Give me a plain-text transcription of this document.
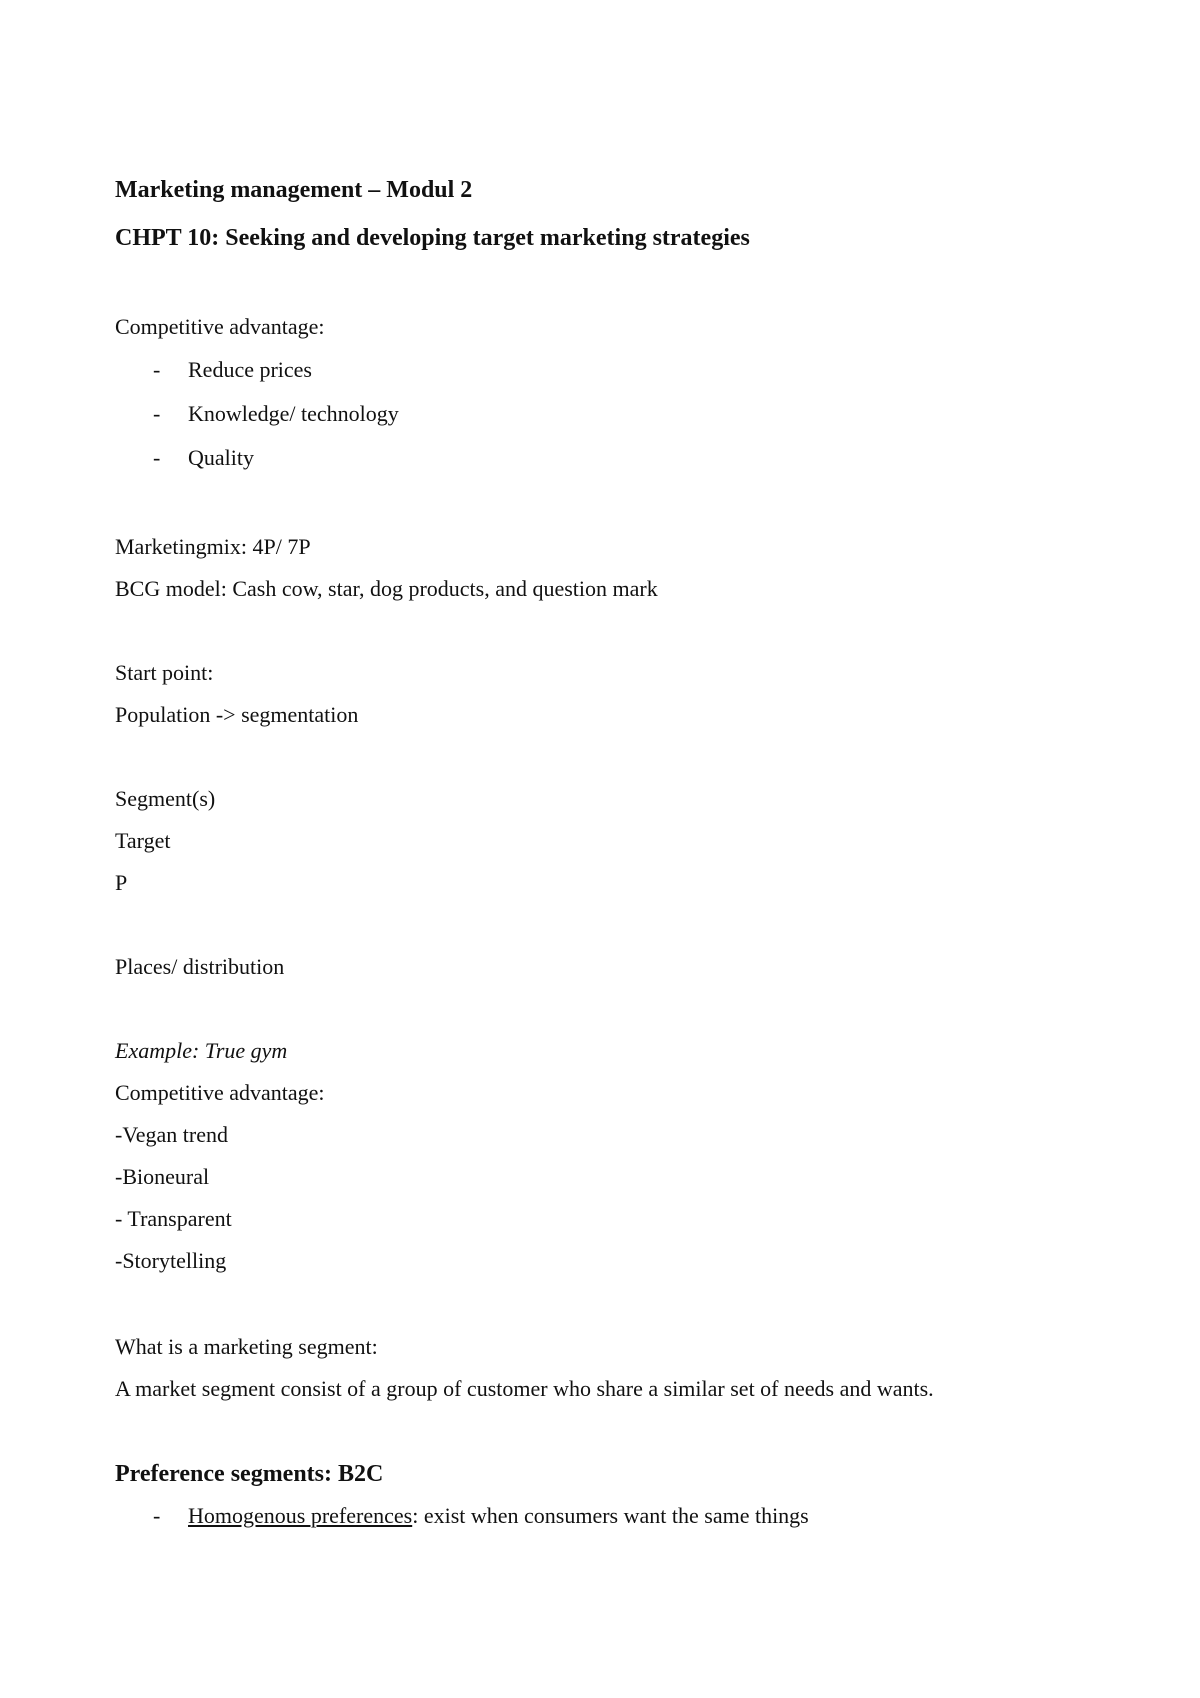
Marketing management – Modul 2
CHPT 10: Seeking and developing target marketing strategies
Competitive advantage:
- Reduce prices
- Knowledge/ technology
- Quality
Marketingmix: 4P/ 7P
BCG model: Cash cow, star, dog products, and question mark
Start point:
Population -> segmentation
Segment(s)
Target
P
Places/ distribution
Example: True gym
Competitive advantage:
-Vegan trend
-Bioneural
- Transparent
-Storytelling
What is a marketing segment:
A market segment consist of a group of customer who share a similar set of needs and wants.
Preference segments: B2C
- Homogenous preferences: exist when consumers want the same things
